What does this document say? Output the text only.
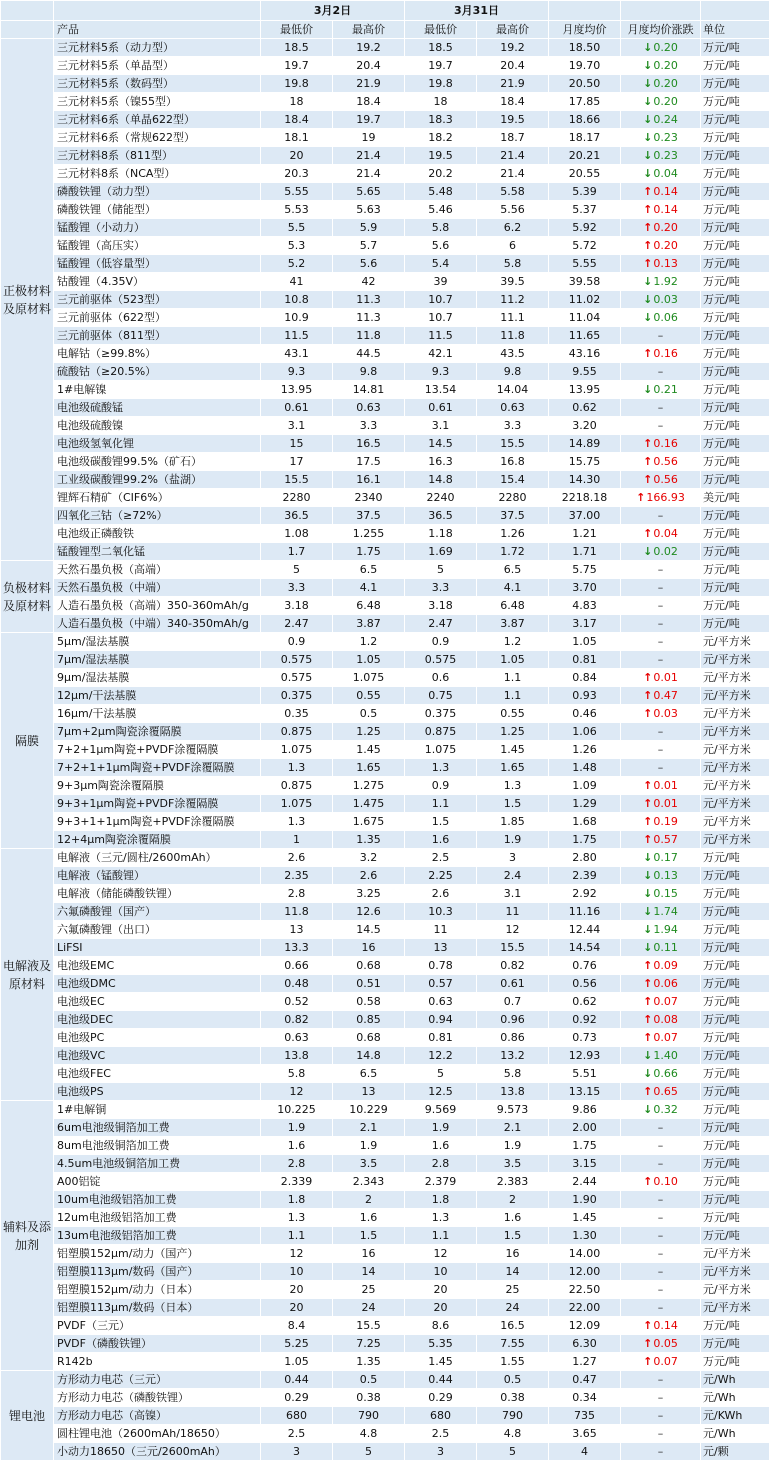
		3月2日		3月31日				
	产品	最低价	最高价	最低价	最高价	月度均价	月度均价涨跌	单位
正极材料及原材料	三元材料5系（动力型）	18.5	19.2	18.5	19.2	18.50	↓0.20	万元/吨
	三元材料5系（单晶型）	19.7	20.4	19.7	20.4	19.70	↓0.20	万元/吨
	三元材料5系（数码型）	19.8	21.9	19.8	21.9	20.50	↓0.20	万元/吨
	三元材料5系（镍55型）	18	18.4	18	18.4	17.85	↓0.20	万元/吨
	三元材料6系（单晶622型）	18.4	19.7	18.3	19.5	18.66	↓0.24	万元/吨
	三元材料6系（常规622型）	18.1	19	18.2	18.7	18.17	↓0.23	万元/吨
	三元材料8系（811型）	20	21.4	19.5	21.4	20.21	↓0.23	万元/吨
	三元材料8系（NCA型）	20.3	21.4	20.2	21.4	20.55	↓0.04	万元/吨
	磷酸铁锂（动力型）	5.55	5.65	5.48	5.58	5.39	↑0.14	万元/吨
	磷酸铁锂（储能型）	5.53	5.63	5.46	5.56	5.37	↑0.14	万元/吨
	锰酸锂（小动力）	5.5	5.9	5.8	6.2	5.92	↑0.20	万元/吨
	锰酸锂（高压实）	5.3	5.7	5.6	6	5.72	↑0.20	万元/吨
	锰酸锂（低容量型）	5.2	5.6	5.4	5.8	5.55	↑0.13	万元/吨
	钴酸锂（4.35V）	41	42	39	39.5	39.58	↓1.92	万元/吨
	三元前驱体（523型）	10.8	11.3	10.7	11.2	11.02	↓0.03	万元/吨
	三元前驱体（622型）	10.9	11.3	10.7	11.1	11.04	↓0.06	万元/吨
	三元前驱体（811型）	11.5	11.8	11.5	11.8	11.65	–	万元/吨
	电解钴（≥99.8%）	43.1	44.5	42.1	43.5	43.16	↑0.16	万元/吨
	硫酸钴（≥20.5%）	9.3	9.8	9.3	9.8	9.55	–	万元/吨
	1#电解镍	13.95	14.81	13.54	14.04	13.95	↓0.21	万元/吨
	电池级硫酸锰	0.61	0.63	0.61	0.63	0.62	–	万元/吨
	电池级硫酸镍	3.1	3.3	3.1	3.3	3.20	–	万元/吨
	电池级氢氧化锂	15	16.5	14.5	15.5	14.89	↑0.16	万元/吨
	电池级碳酸锂99.5%（矿石）	17	17.5	16.3	16.8	15.75	↑0.56	万元/吨
	工业级碳酸锂99.2%（盐湖）	15.5	16.1	14.8	15.4	14.30	↑0.56	万元/吨
	锂辉石精矿（CIF6%）	2280	2340	2240	2280	2218.18	↑166.93	美元/吨
	四氧化三钴（≥72%）	36.5	37.5	36.5	37.5	37.00	–	万元/吨
	电池级正磷酸铁	1.08	1.255	1.18	1.26	1.21	↑0.04	万元/吨
	锰酸锂型二氧化锰	1.7	1.75	1.69	1.72	1.71	↓0.02	万元/吨
负极材料及原材料	天然石墨负极（高端）	5	6.5	5	6.5	5.75	–	万元/吨
	天然石墨负极（中端）	3.3	4.1	3.3	4.1	3.70	–	万元/吨
	人造石墨负极（高端）350-360mAh/g	3.18	6.48	3.18	6.48	4.83	–	万元/吨
	人造石墨负极（中端）340-350mAh/g	2.47	3.87	2.47	3.87	3.17	–	万元/吨
隔膜	5μm/湿法基膜	0.9	1.2	0.9	1.2	1.05	–	元/平方米
	7μm/湿法基膜	0.575	1.05	0.575	1.05	0.81	–	元/平方米
	9μm/湿法基膜	0.575	1.075	0.6	1.1	0.84	↑0.01	元/平方米
	12μm/干法基膜	0.375	0.55	0.75	1.1	0.93	↑0.47	元/平方米
	16μm/干法基膜	0.35	0.5	0.375	0.55	0.46	↑0.03	元/平方米
	7μm+2μm陶瓷涂覆隔膜	0.875	1.25	0.875	1.25	1.06	–	元/平方米
	7+2+1μm陶瓷+PVDF涂覆隔膜	1.075	1.45	1.075	1.45	1.26	–	元/平方米
	7+2+1+1μm陶瓷+PVDF涂覆隔膜	1.3	1.65	1.3	1.65	1.48	–	元/平方米
	9+3μm陶瓷涂覆隔膜	0.875	1.275	0.9	1.3	1.09	↑0.01	元/平方米
	9+3+1μm陶瓷+PVDF涂覆隔膜	1.075	1.475	1.1	1.5	1.29	↑0.01	元/平方米
	9+3+1+1μm陶瓷+PVDF涂覆隔膜	1.3	1.675	1.5	1.85	1.68	↑0.19	元/平方米
	12+4μm陶瓷涂覆隔膜	1	1.35	1.6	1.9	1.75	↑0.57	元/平方米
电解液及原材料	电解液（三元/圆柱/2600mAh）	2.6	3.2	2.5	3	2.80	↓0.17	万元/吨
	电解液（锰酸锂）	2.35	2.6	2.25	2.4	2.39	↓0.13	万元/吨
	电解液（储能磷酸铁锂）	2.8	3.25	2.6	3.1	2.92	↓0.15	万元/吨
	六氟磷酸锂（国产）	11.8	12.6	10.3	11	11.16	↓1.74	万元/吨
	六氟磷酸锂（出口）	13	14.5	11	12	12.44	↓1.94	万元/吨
	LiFSI	13.3	16	13	15.5	14.54	↓0.11	万元/吨
	电池级EMC	0.66	0.68	0.78	0.82	0.76	↑0.09	万元/吨
	电池级DMC	0.48	0.51	0.57	0.61	0.56	↑0.06	万元/吨
	电池级EC	0.52	0.58	0.63	0.7	0.62	↑0.07	万元/吨
	电池级DEC	0.82	0.85	0.94	0.96	0.92	↑0.08	万元/吨
	电池级PC	0.63	0.68	0.81	0.86	0.73	↑0.07	万元/吨
	电池级VC	13.8	14.8	12.2	13.2	12.93	↓1.40	万元/吨
	电池级FEC	5.8	6.5	5	5.8	5.51	↓0.66	万元/吨
	电池级PS	12	13	12.5	13.8	13.15	↑0.65	万元/吨
辅料及添加剂	1#电解铜	10.225	10.229	9.569	9.573	9.86	↓0.32	万元/吨
	6um电池级铜箔加工费	1.9	2.1	1.9	2.1	2.00	–	万元/吨
	8um电池级铜箔加工费	1.6	1.9	1.6	1.9	1.75	–	万元/吨
	4.5um电池级铜箔加工费	2.8	3.5	2.8	3.5	3.15	–	万元/吨
	A00铝锭	2.339	2.343	2.379	2.383	2.44	↑0.10	万元/吨
	10um电池级铝箔加工费	1.8	2	1.8	2	1.90	–	万元/吨
	12um电池级铝箔加工费	1.3	1.6	1.3	1.6	1.45	–	万元/吨
	13um电池级铝箔加工费	1.1	1.5	1.1	1.5	1.30	–	万元/吨
	铝塑膜152μm/动力（国产）	12	16	12	16	14.00	–	元/平方米
	铝塑膜113μm/数码（国产）	10	14	10	14	12.00	–	元/平方米
	铝塑膜152μm/动力（日本）	20	25	20	25	22.50	–	元/平方米
	铝塑膜113μm/数码（日本）	20	24	20	24	22.00	–	元/平方米
	PVDF（三元）	8.4	15.5	8.6	16.5	12.09	↑0.14	万元/吨
	PVDF（磷酸铁锂）	5.25	7.25	5.35	7.55	6.30	↑0.05	万元/吨
	R142b	1.05	1.35	1.45	1.55	1.27	↑0.07	万元/吨
锂电池	方形动力电芯（三元）	0.44	0.5	0.44	0.5	0.47	–	元/Wh
	方形动力电芯（磷酸铁锂）	0.29	0.38	0.29	0.38	0.34	–	元/Wh
	方形动力电芯（高镍）	680	790	680	790	735	–	元/KWh
	圆柱锂电池（2600mAh/18650）	2.5	4.8	2.5	4.8	3.65	–	元/Wh
	小动力18650（三元/2600mAh）	3	5	3	5	4	–	元/颗
